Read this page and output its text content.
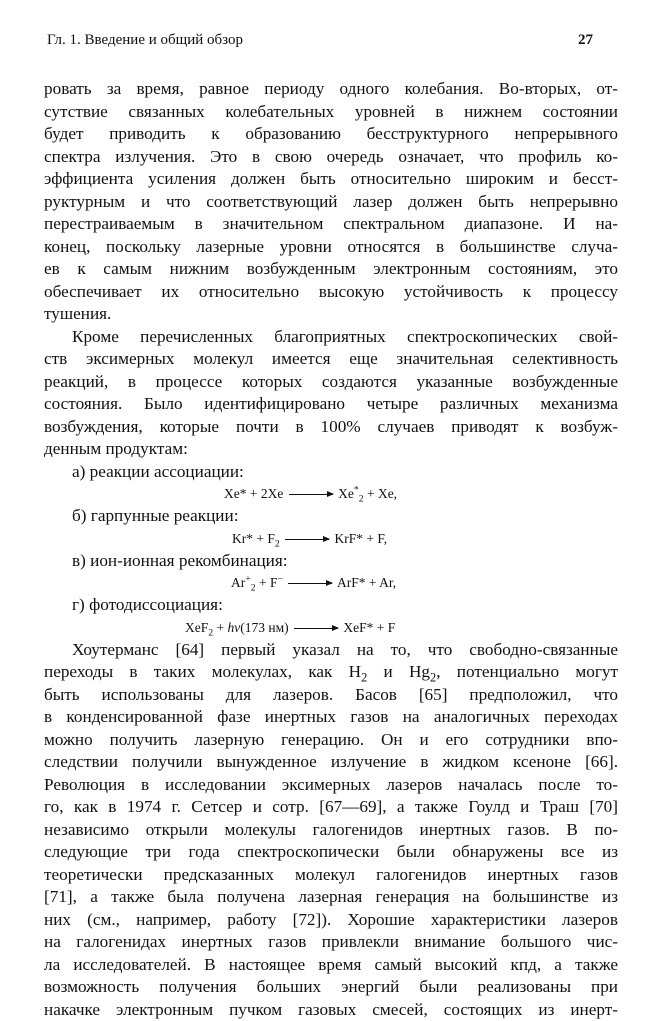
Гл. 1. Введение и общий обзор	27
ровать за время, равное периоду одного колебания. Во-вторых, от-
сутствие связанных колебательных уровней в нижнем состоянии
будет приводить к образованию бесструктурного непрерывного
спектра излучения. Это в свою очередь означает, что профиль ко-
эффициента усиления должен быть относительно широким и бесст-
руктурным и что соответствующий лазер должен быть непрерывно
перестраиваемым в значительном спектральном диапазоне. И на-
конец, поскольку лазерные уровни относятся в большинстве случа-
ев к самым нижним возбужденным электронным состояниям, это
обеспечивает их относительно высокую устойчивость к процессу
тушения.
Кроме перечисленных благоприятных спектроскопических свой-
ств эксимерных молекул имеется еще значительная селективность
реакций, в процессе которых создаются указанные возбужденные
состояния. Было идентифицировано четыре различных механизма
возбуждения, которые почти в 100% случаев приводят к возбуж-
денным продуктам:
а) реакции ассоциации:
$Xe* + 2Xe \to Xe^*_2 + Xe$,
б) гарпунные реакции:
$Kr* + F_2 \to KrF* + F$,
в) ион-ионная рекомбинация:
$Ar^+_2 + F^- \to ArF* + Ar$,
г) фотодиссоциация:
XeF$_2$ + hν(173 нм) → XeF* + F
Хоутерманс [64] первый указал на то, что свободно-связанные
переходы в таких молекулах, как $H_2$ и $Hg_2$, потенциально могут
быть использованы для лазеров. Басов [65] предположил, что
в конденсированной фазе инертных газов на аналогичных переходах
можно получить лазерную генерацию. Он и его сотрудники впо-
следствии получили вынужденное излучение в жидком ксеноне [66].
Революция в исследовании эксимерных лазеров началась после то-
го, как в 1974 г. Сетсер и сотр. [67—69], а также Гоулд и Траш [70]
независимо открыли молекулы галогенидов инертных газов. В по-
следующие три года спектроскопически были обнаружены все из
теоретически предсказанных молекул галогенидов инертных газов
[71], а также была получена лазерная генерация на большинстве из
них (см., например, работу [72]). Хорошие характеристики лазеров
на галогенидах инертных газов привлекли внимание большого чис-
ла исследователей. В настоящее время самый высокий кпд, а также
возможность получения больших энергий были реализованы при
накачке электронным пучком газовых смесей, состоящих из инерт-
